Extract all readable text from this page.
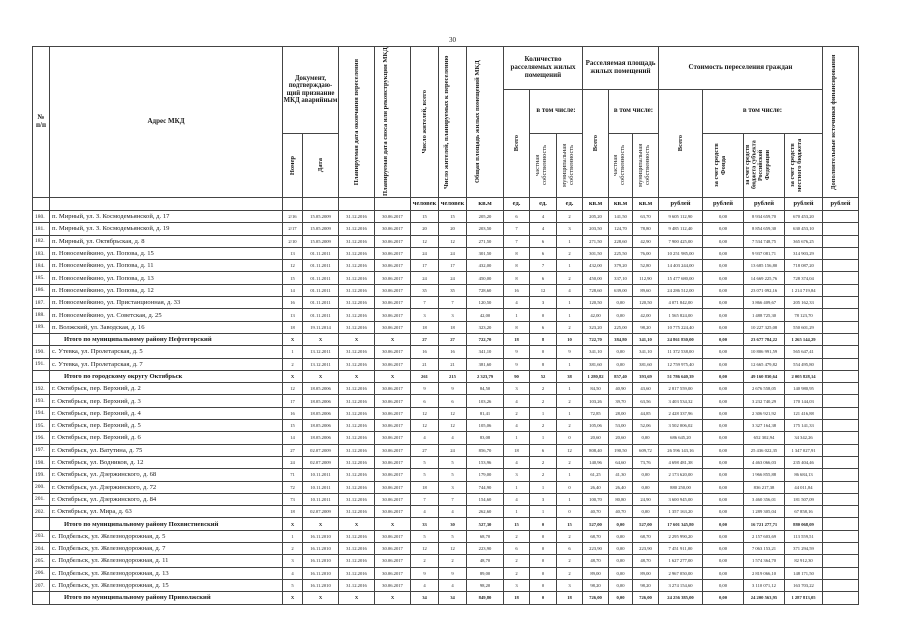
30
№
п/п	Адрес МКД	Документ, подтверждаю-щий признание МКД аварийным		Планируемая дата окончания переселения	Планируемая дата сноса или реконструкции МКД	Число жителей, всего	Число жителей, планируемых к переселению	Общая площадь жилых помещений МКД	Количество расселяемых жилых помещений			Расселяемая площадь жилых помещений			Стоимость переселения граждан				Дополнительные источники финансирования	

									Всего	в том числе:		Всего	в том числе:		Всего	в том числе:				

		Номер	Дата							частная собственность	муниципальная собственность		частная собственность	муниципальная собственность		за счет средств Фонда	за счет средств бюджета субъекта Российской Федерации	за счет средств местного бюджета		

						человек	человек	кв.м	ед.	ед.	ед.	кв.м	кв.м	кв.м	рублей	рублей	рублей	рублей	рублей	
180.	п. Мирный, ул. З. Космодемьянской, д. 17	2/16	15.05.2009	31.12.2016	30.06.2017	15	15	205,20	6	4	2	205,20	141,50	63,70	9 605 112,90	0,00	8 934 659,70	670 453,20		
181.	п. Мирный, ул. З. Космодемьянской, д. 19	2/17	15.05.2009	31.12.2016	30.06.2017	20	20	203,50	7	4	3	203,50	124,70	78,80	9 485 112,40	0,00	8 854 659,30	630 453,10		
182.	п. Мирный, ул. Октябрьская, д. 8	2/10	15.05.2009	31.12.2016	30.06.2017	12	12	271,50	7	6	1	271,50	228,60	42,90	7 900 425,00	0,00	7 534 748,75	365 676,25		
183.	п. Новосемейкино, ул. Попова, д. 15	13	01.11.2011	31.12.2016	30.06.2017	24	24	301,50	8	6	2	301,50	225,50	76,00	10 251 985,00	0,00	9 937 081,71	314 903,29		
184.	п. Новосемейкино, ул. Попова, д. 11	12	01.11.2011	31.12.2016	30.06.2017	17	17	432,00	8	7	1	432,00	379,20	52,80	14 403 244,00	0,00	13 685 156,80	718 087,20		
185.	п. Новосемейкино, ул. Попова, д. 13	15	01.11.2011	31.12.2016	30.06.2017	24	24	450,00	8	6	2	450,00	337,10	112,90	15 477 680,00	0,00	14 669 225,76	728 374,04		
186.	п. Новосемейкино, ул. Попова, д. 12	14	01.11.2011	31.12.2016	30.06.2017	35	35	728,60	16	12	4	728,60	639,00	89,60	24 286 512,00	0,00	23 071 092,16	1 214 719,84		
187.	п. Новосемейкино, ул. Пристанционная, д. 33	16	01.11.2011	31.12.2016	30.06.2017	7	7	120,50	4	3	1	120,50	0,00	120,50	4 071 842,00	0,00	3 866 409,67	205 162,33		
188.	п. Новосемейкино, ул. Советская, д. 25	13	01.11.2011	31.12.2016	30.06.2017	3	3	42,00	1	0	1	42,00	0,00	42,00	1 565 824,00	0,00	1 488 725,30	78 123,70		
189.	п. Волжский, ул. Заводская, д. 16	18	19.11.2014	31.12.2016	30.06.2017	18	18	323,20	8	6	2	323,20	225,00	98,20	10 775 224,40	0,00	10 227 325,08	550 601,29		
	Итого по муниципальному району Нефтегорский	X	X	X	X	27	27	722,70	18	8	10	722,70	384,80	341,10	24 861 830,00	0,00	23 677 784,22	1 265 144,29		
190.	с. Утевка, ул. Пролетарская, д. 5	1	13.12.2011	31.12.2016	30.06.2017	16	16	341,10	9	0	9	341,10	0,00	341,10	11 372 538,00	0,00	10 806 991,59	565 647,41		
191.	с. Утевка, ул. Пролетарская, д. 7	2	13.12.2011	31.12.2016	30.06.2017	21	21	381,60	9	8	1	381,60	0,00	381,60	12 759 975,40	0,00	12 665 479,82	554 495,80		
	Итого по городскому округу Октябрьск	X	X	X	X	261	215	2 323,79	90	52	38	1 280,82	857,40	393,69	51 786 640,39	0,00	49 160 830,64	2 005 828,14		
192.	г. Октябрьск, пер. Верхний, д. 2	12	18.05.2006	31.12.2016	30.06.2017	9	9	84,50	3	2	1	84,50	40,90	43,60	2 817 559,00	0,00	2 676 558,05	140 980,95		
193.	г. Октябрьск, пер. Верхний, д. 3	17	18.05.2006	31.12.2016	30.06.2017	6	6	103,26	4	2	2	103,26	39,70	63,56	3 403 534,32	0,00	3 232 740,29	170 144,03		
194.	г. Октябрьск, пер. Верхний, д. 4	16	18.05.2006	31.12.2016	30.06.2017	12	12	81,41	2	1	1	72,85	28,00	44,85	2 428 337,96	0,00	2 306 921,92	121 416,88		
195.	г. Октябрьск, пер. Верхний, д. 5	15	18.05.2006	31.12.2016	30.06.2017	12	12	105,06	4	2	2	105,06	53,00	52,06	3 502 006,02	0,00	3 327 164,38	175 141,33		
196.	г. Октябрьск, пер. Верхний, д. 6	14	18.05.2006	31.12.2016	30.06.2017	4	4	83,08	1	1	0	20,60	20,60	0,00	686 645,20	0,00	652 302,94	34 342,26		
197.	г. Октябрьск, ул. Ватутина, д. 75	27	02.07.2009	31.12.2016	30.06.2017	27	24	856,70	18	6	12	808,40	190,50	609,72	26 596 143,16	0,00	25 436 022,35	1 347 027,91		
198.	г. Октябрьск, ул. Водников, д. 12	24	02.07.2009	31.12.2016	30.06.2017	5	5	153,96	4	2	2	140,96	64,60	73,76	4 698 481,38	0,00	4 463 066,03	235 404,46		
199.	г. Октябрьск, ул. Дзержинского, д. 68	71	10.11.2011	31.12.2016	30.06.2017	5	5	179,00	3	2	1	61,25	41,30	0,00	2 173 620,00	0,00	1 966 855,88	86 684,13		
200.	г. Октябрьск, ул. Дзержинского, д. 72	72	10.11.2011	31.12.2016	30.06.2017	18	3	744,90	1	1	0	26,40	26,40	0,00	880 250,00	0,00	836 217,38	44 011,84		
201.	г. Октябрьск, ул. Дзержинского, д. 84	73	10.11.2011	31.12.2016	30.06.2017	7	7	154,60	4	3	1	100,70	80,80	24,90	3 600 945,00	0,00	3 460 356,01	181 507,09		
202.	г. Октябрьск, ул. Мира, д. 63	18	02.07.2009	31.12.2016	30.06.2017	4	4	262,60	1	1	0	40,70	40,70	0,00	1 357 163,20	0,00	1 289 305,04	67 858,16		
	Итого по муниципальному району Похвистневский	X	X	X	X	33	30	527,30	15	0	15	527,00	0,00	527,00	17 601 345,80	0,00	16 721 277,71	880 068,09		
203.	с. Подбельск, ул. Железнодорожная, д. 5	1	16.11.2010	31.12.2016	30.06.2017	5	5	68,70	2	0	2	68,70	0,00	68,70	2 295 990,20	0,00	2 157 603,69	113 559,51		
204.	с. Подбельск, ул. Железнодорожная, д. 7	2	16.11.2010	31.12.2016	30.06.2017	12	12	223,90	6	0	6	223,90	0,00	223,90	7 451 911,00	0,00	7 063 153,21	371 294,59		
205.	с. Подбельск, ул. Железнодорожная, д. 11	3	16.11.2010	31.12.2016	30.06.2017	2	2	48,70	2	0	2	48,70	0,00	48,70	1 627 277,00	0,00	1 574 364,70	82 912,30		
206.	с. Подбельск, ул. Железнодорожная, д. 13	4	16.11.2010	31.12.2016	30.06.2017	9	9	89,00	2	0	2	89,00	0,00	89,00	2 967 050,00	0,00	2 819 066,10	148 171,50		
207.	с. Подбельск, ул. Железнодорожная, д. 15	5	16.11.2010	31.12.2016	30.06.2017	4	4	98,20	3	0	3	98,20	0,00	98,20	3 274 154,60	0,00	3 110 071,12	163 703,22		
	Итого по муниципальному району Приволжский	X	X	X	X	34	34	849,80	18	0	18	726,00	0,00	726,00	24 256 385,00	0,00	24 200 563,95	1 287 813,05		
